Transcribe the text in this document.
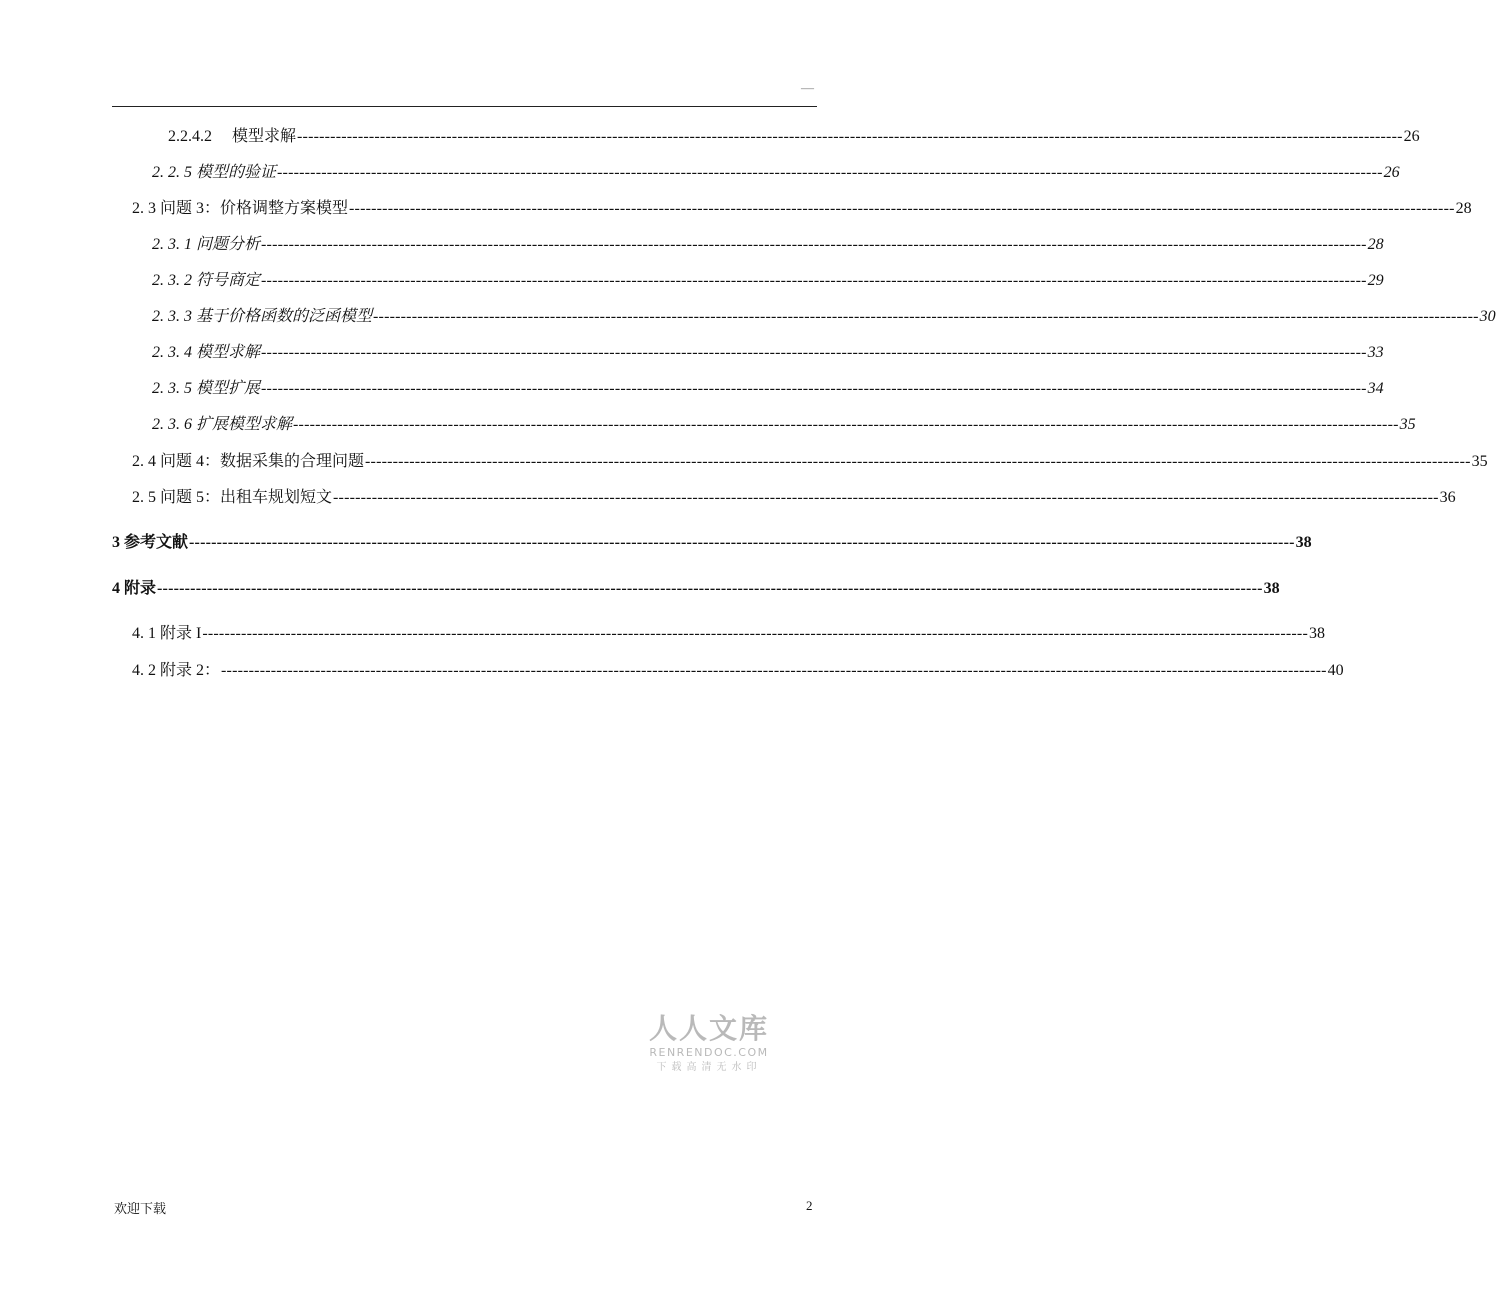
—
2.2.4.2　 模型求解 -------------------------------------------------------------------------------------------------------------------------------------------------------------------------------------------------------- 26
2. 2. 5 模型的验证 -------------------------------------------------------------------------------------------------------------------------------------------------------------------------------------------------------- 26
2. 3 问题 3：价格调整方案模型 -------------------------------------------------------------------------------------------------------------------------------------------------------------------------------------------------------- 28
2. 3. 1 问题分析 -------------------------------------------------------------------------------------------------------------------------------------------------------------------------------------------------------- 28
2. 3. 2 符号商定 -------------------------------------------------------------------------------------------------------------------------------------------------------------------------------------------------------- 29
2. 3. 3 基于价格函数的泛函模型 -------------------------------------------------------------------------------------------------------------------------------------------------------------------------------------------------------- 30
2. 3. 4 模型求解 -------------------------------------------------------------------------------------------------------------------------------------------------------------------------------------------------------- 33
2. 3. 5 模型扩展 -------------------------------------------------------------------------------------------------------------------------------------------------------------------------------------------------------- 34
2. 3. 6 扩展模型求解 -------------------------------------------------------------------------------------------------------------------------------------------------------------------------------------------------------- 35
2. 4 问题 4：数据采集的合理问题 -------------------------------------------------------------------------------------------------------------------------------------------------------------------------------------------------------- 35
2. 5 问题 5：出租车规划短文 -------------------------------------------------------------------------------------------------------------------------------------------------------------------------------------------------------- 36
3 参考文献 -------------------------------------------------------------------------------------------------------------------------------------------------------------------------------------------------------- 38
4 附录 -------------------------------------------------------------------------------------------------------------------------------------------------------------------------------------------------------- 38
4. 1 附录 I -------------------------------------------------------------------------------------------------------------------------------------------------------------------------------------------------------- 38
4. 2 附录 2： -------------------------------------------------------------------------------------------------------------------------------------------------------------------------------------------------------- 40
人人文库
RENRENDOC.COM
下载高清无水印
欢迎下载	2
